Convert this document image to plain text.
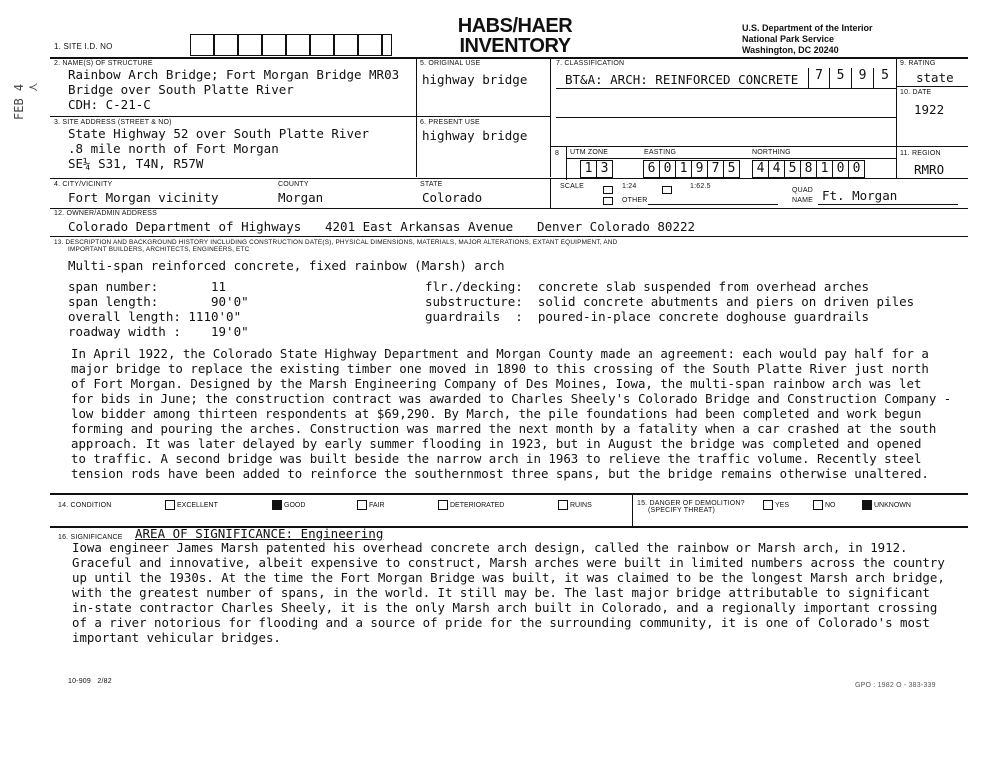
FEB 4 ≺
1. SITE I.D. NO
HABS/HAER
INVENTORY
U.S. Department of the Interior
National Park Service
Washington, DC 20240
2. NAME(S) OF STRUCTURE
Rainbow Arch Bridge; Fort Morgan Bridge MR03
Bridge over South Platte River
CDH: C-21-C
5. ORIGINAL USE
highway bridge
7. CLASSIFICATION
BT&A: ARCH: REINFORCED CONCRETE	7	5	9	5
9. RATING
state
10. DATE
1922
3. SITE ADDRESS (STREET & NO)
State Highway 52 over South Platte River
.8 mile north of Fort Morgan
SE¼ S31, T4N, R57W
6. PRESENT USE
highway bridge
8 UTM ZONE	EASTING	NORTHING
1 3	6 0 1 9 7 5	4 4 5 8 1 0 0
11. REGION
RMRO
4. CITY/VICINITY
Fort Morgan vicinity
COUNTY
Morgan
STATE
Colorado
SCALE	1:24	1:62.5
OTHER
QUAD
NAME Ft. Morgan
12. OWNER/ADMIN ADDRESS
Colorado Department of Highways 4201 East Arkansas Avenue Denver Colorado 80222
13. DESCRIPTION AND BACKGROUND HISTORY INCLUDING CONSTRUCTION DATE(S), PHYSICAL DIMENSIONS, MATERIALS, MAJOR ALTERATIONS, EXTANT EQUIPMENT, AND
IMPORTANT BUILDERS, ARCHITECTS, ENGINEERS, ETC
Multi-span reinforced concrete, fixed rainbow (Marsh) arch
span number:       11
span length:       90'0"
overall length: 1110'0"
roadway width :    19'0"
flr./decking:  concrete slab suspended from overhead arches
substructure:  solid concrete abutments and piers on driven piles
guardrails  :  poured-in-place concrete doghouse guardrails
In April 1922, the Colorado State Highway Department and Morgan County made an agreement: each would pay half for a
major bridge to replace the existing timber one moved in 1890 to this crossing of the South Platte River just north
of Fort Morgan. Designed by the Marsh Engineering Company of Des Moines, Iowa, the multi-span rainbow arch was let
for bids in June; the construction contract was awarded to Charles Sheely's Colorado Bridge and Construction Company -
low bidder among thirteen respondents at $69,290. By March, the pile foundations had been completed and work begun
forming and pouring the arches. Construction was marred the next month by a fatality when a car crashed at the south
approach. It was later delayed by early summer flooding in 1923, but in August the bridge was completed and opened
to traffic. A second bridge was built beside the narrow arch in 1963 to relieve the traffic volume. Recently steel
tension rods have been added to reinforce the southernmost three spans, but the bridge remains otherwise unaltered.
14. CONDITION	EXCELLENT	GOOD	FAIR	DETERIORATED	RUINS	15. DANGER OF DEMOLITION?
(SPECIFY THREAT)
YES	NO	UNKNOWN
16. SIGNIFICANCE AREA OF SIGNIFICANCE: Engineering
Iowa engineer James Marsh patented his overhead concrete arch design, called the rainbow or Marsh arch, in 1912.
Graceful and innovative, albeit expensive to construct, Marsh arches were built in limited numbers across the country
up until the 1930s. At the time the Fort Morgan Bridge was built, it was claimed to be the longest Marsh arch bridge,
with the greatest number of spans, in the world. It still may be. The last major bridge attributable to significant
in-state contractor Charles Sheely, it is the only Marsh arch built in Colorado, and a regionally important crossing
of a river notorious for flooding and a source of pride for the surrounding community, it is one of Colorado's most
important vehicular bridges.
10-909   2/82
GPO : 1982 O - 383-339
